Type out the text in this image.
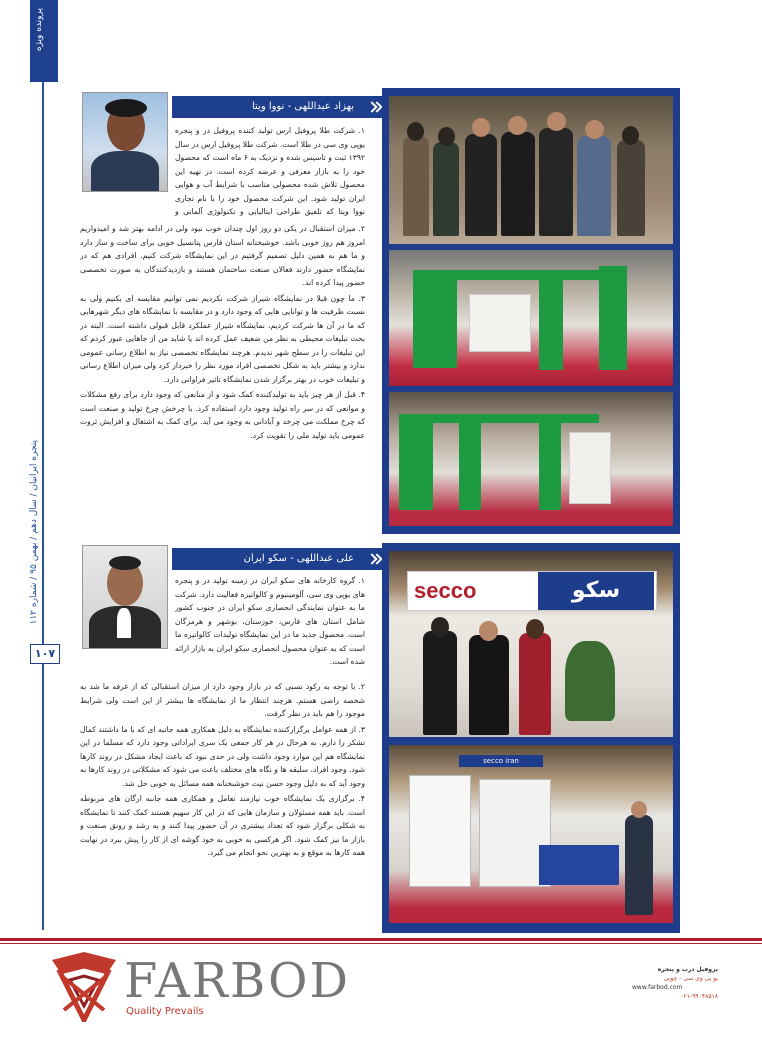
پرونده ویژه
پنجره ایرانیان / سال دهم / بهمن ۹۵ / شماره ۱۱۲
۱۰۷
بهزاد عبداللهی - نووا ویتا

۱. شرکت طلا پروفیل ارس تولید کننده پروفیل در و پنجره یوپی وی سی در طلا است. شرکت طلا پروفیل ارس در سال ۱۳۹۲ ثبت و تاسیس شده و نزدیک به ۶ ماه است که محصول خود را به بازار معرفی و عرضه کرده است. در تهیه این محصول تلاش شده محصولی مناسب با شرایط آب و هوایی ایران تولید شود. این شرکت محصول خود را با نام تجاری نووا ویتا که تلفیق طراحی ایتالیایی و تکنولوژی آلمانی و

۲. میزان استقبال در یکی دو روز اول چندان خوب نبود ولی در ادامه بهتر شد و امیدواریم امروز هم روز خوبی باشد. خوشبختانه استان فارس پتانسیل خوبی برای ساخت و ساز دارد و ما هم به همین دلیل تصمیم گرفتیم در این نمایشگاه شرکت کنیم. افرادی هم که در نمایشگاه حضور دارند فعالان صنعت ساختمان هستند و بازدیدکنندگان به صورت تخصصی حضور پیدا کرده اند.

۳. ما چون قبلا در نمایشگاه شیراز شرکت نکردیم نمی توانیم مقایسه ای بکنیم ولی به نسبت ظرفیت ها و توانایی هایی که وجود دارد و در مقایسه با نمایشگاه های دیگر شهرهایی که ما در آن ها شرکت کردیم، نمایشگاه شیراز عملکرد قابل قبولی داشته است. البته در بحث تبلیغات محیطی به نظر من ضعیف عمل کرده اند یا شاید من از جاهایی عبور کردم که این تبلیغات را در سطح شهر ندیدم. هرچند نمایشگاه تخصصی نیاز به اطلاع رسانی عمومی ندارد و بیشتر باید به شکل تخصصی افراد مورد نظر را خبردار کرد ولی میزان اطلاع رسانی و تبلیغات خوب در بهتر برگزار شدن نمایشگاه تاثیر فراوانی دارد.

۴. قبل از هر چیز باید به تولیدکننده کمک شود و از منابعی که وجود دارد برای رفع مشکلات و موانعی که در سر راه تولید وجود دارد استفاده کرد. با چرخش چرخ تولید و صنعت است که چرخ مملکت می چرخد و آبادانی به وجود می آید. برای کمک به اشتغال و افزایش ثروت عمومی باید تولید ملی را تقویت کرد.

علی عبداللهی - سکو ایران

۱. گروه کارخانه های سکو ایران در زمینه تولید در و پنجره های یوپی وی سی، آلومینیوم و کالوانیزه فعالیت دارد. شرکت ما به عنوان نمایندگی انحصاری سکو ایران در جنوب کشور شامل استان های فارس، خوزستان، بوشهر و هرمزگان است. محصول جدید ما در این نمایشگاه تولیدات کالوانیزه ما است که به عنوان محصول انحصاری سکو ایران به بازار ارائه شده است.

۲. با توجه به رکود نسبی که در بازار وجود دارد از میزان استقبالی که از غرفه ما شد به شخصه راضی هستم. هرچند انتظار ما از نمایشگاه ها بیشتر از این است ولی شرایط موجود را هم باید در نظر گرفت.

۳. از همه عوامل برگزارکننده نمایشگاه به دلیل همکاری همه جانبه ای که با ما داشتند کمال تشکر را دارم. به هرحال در هر کار جمعی یک سری ایراداتی وجود دارد که مسلما در این نمایشگاه هم این موارد وجود داشت ولی در حدی نبود که باعث ایجاد مشکل در روند کارها شود. وجود افراد، سلیقه ها و نگاه های مختلف باعث می شود که مشکلاتی در روند کارها به وجود آید که به دلیل وجود حسن نیت خوشبختانه همه مسائل به خوبی حل شد.

۴. برگزاری یک نمایشگاه خوب نیازمند تعامل و همکاری همه جانبه ارگان های مربوطه است. باید همه مسئولان و سازمان هایی که در این کار سهیم هستند کمک کنند تا نمایشگاه به شکلی برگزار شود که تعداد بیشتری در آن حضور پیدا کنند و به رشد و رونق صنعت و بازار ما نیز کمک شود. اگر هرکسی به خوبی به خود گوشه ای از کار را پیش ببرد در نهایت همه کارها به موقع و به بهترین نحو انجام می گیرد.

secco	سکو
secco iran
FARBOD
Quality Prevails
پروفیل درب و پنجره
یو پی وی سی - چوبی
www.farbod.com
۰۲۱-۹۹۰۴۸۵۱۸
